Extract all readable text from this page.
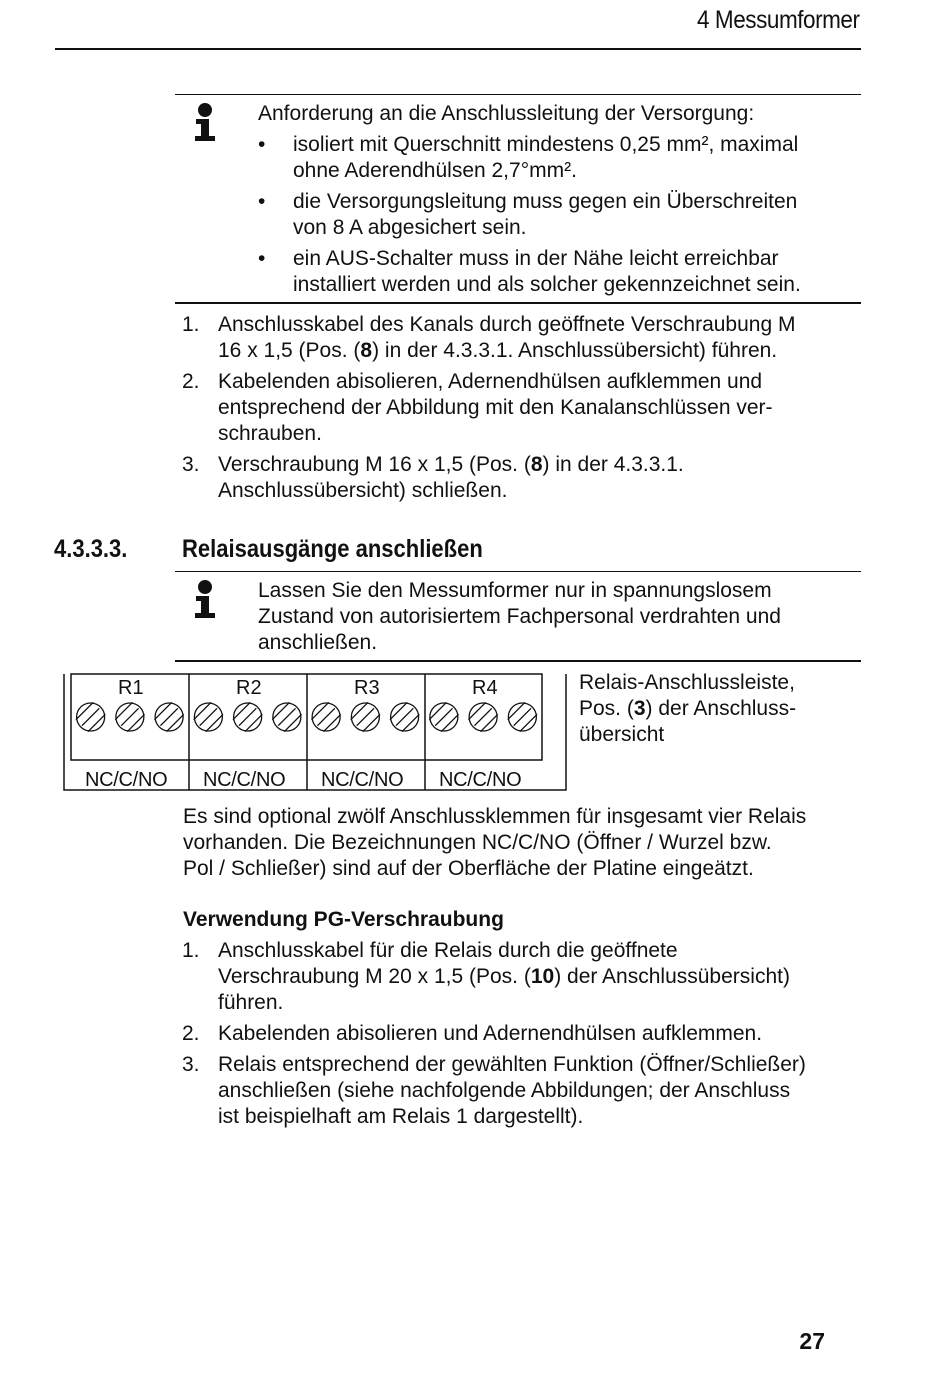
4 Messumformer
Anforderung an die Anschlussleitung der Versorgung:
•	isoliert mit Querschnitt mindestens 0,25 mm², maximal
ohne Aderendhülsen 2,7°mm².
•	die Versorgungsleitung muss gegen ein Überschreiten
von 8 A abgesichert sein.
•	ein AUS-Schalter muss in der Nähe leicht erreichbar
installiert werden und als solcher gekennzeichnet sein.
1. Anschlusskabel des Kanals durch geöffnete Verschraubung M
16 x 1,5 (Pos. (8) in der 4.3.3.1. Anschlussübersicht) führen.
2. Kabelenden abisolieren, Adernendhülsen aufklemmen und
entsprechend der Abbildung mit den Kanalanschlüssen ver-
schrauben.
3. Verschraubung M 16 x 1,5 (Pos. (8) in der 4.3.3.1.
Anschlussübersicht) schließen.
4.3.3.3. Relaisausgänge anschließen
Lassen Sie den Messumformer nur in spannungslosem
Zustand von autorisiertem Fachpersonal verdrahten und
anschließen.
R1	R2	R3	R4
NC/C/NO NC/C/NO NC/C/NO NC/C/NO
Relais-Anschlussleiste,
Pos. (3) der Anschluss-
übersicht
Es sind optional zwölf Anschlussklemmen für insgesamt vier Relais
vorhanden. Die Bezeichnungen NC/C/NO (Öffner / Wurzel bzw.
Pol / Schließer) sind auf der Oberfläche der Platine eingeätzt.
Verwendung PG-Verschraubung
1. Anschlusskabel für die Relais durch die geöffnete
Verschraubung M 20 x 1,5 (Pos. (10) der Anschlussübersicht)
führen.
2. Kabelenden abisolieren und Adernendhülsen aufklemmen.
3. Relais entsprechend der gewählten Funktion (Öffner/Schließer)
anschließen (siehe nachfolgende Abbildungen; der Anschluss
ist beispielhaft am Relais 1 dargestellt).
27
